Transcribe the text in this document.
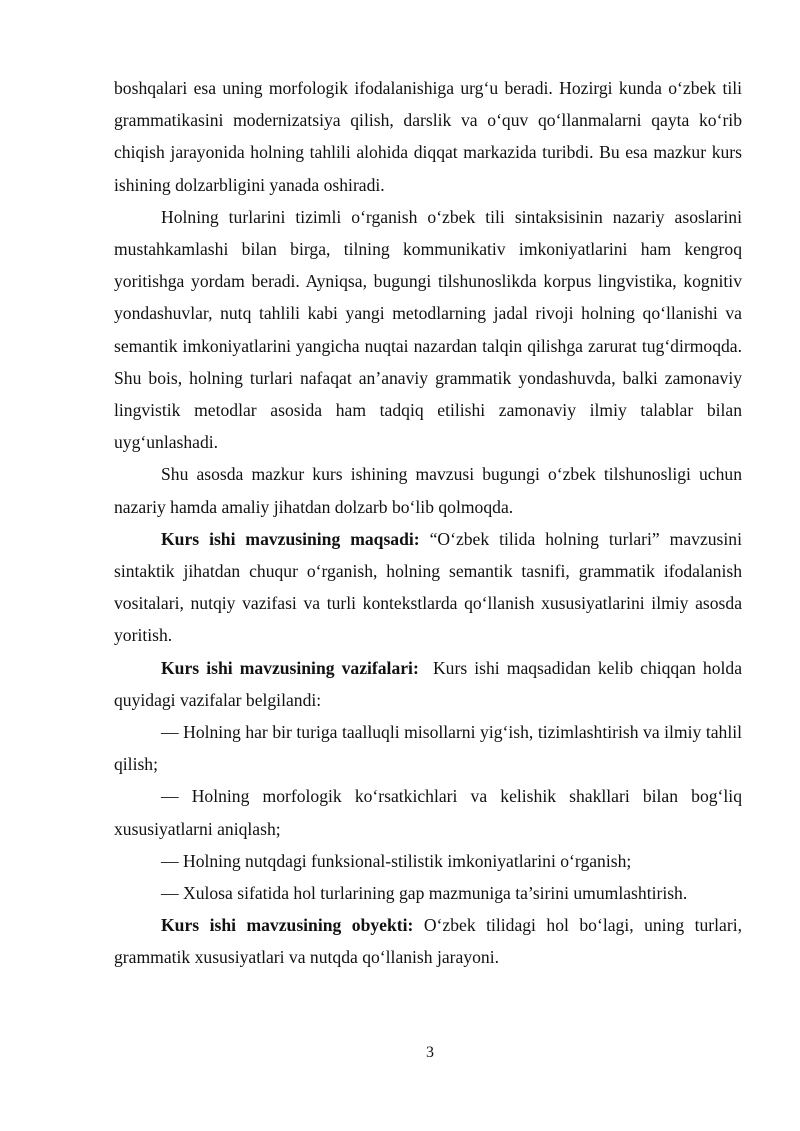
boshqalari esa uning morfologik ifodalanishiga urg‘u beradi. Hozirgi kunda o‘zbek tili grammatikasini modernizatsiya qilish, darslik va o‘quv qo‘llanmalarni qayta ko‘rib chiqish jarayonida holning tahlili alohida diqqat markazida turibdi. Bu esa mazkur kurs ishining dolzarbligini yanada oshiradi.

Holning turlarini tizimli o‘rganish o‘zbek tili sintaksisinin nazariy asoslarini mustahkamlashi bilan birga, tilning kommunikativ imkoniyatlarini ham kengroq yoritishga yordam beradi. Ayniqsa, bugungi tilshunoslikda korpus lingvistika, kognitiv yondashuvlar, nutq tahlili kabi yangi metodlarning jadal rivoji holning qo‘llanishi va semantik imkoniyatlarini yangicha nuqtai nazardan talqin qilishga zarurat tug‘dirmoqda. Shu bois, holning turlari nafaqat an’anaviy grammatik yondashuvda, balki zamonaviy lingvistik metodlar asosida ham tadqiq etilishi zamonaviy ilmiy talablar bilan uyg‘unlashadi.

Shu asosda mazkur kurs ishining mavzusi bugungi o‘zbek tilshunosligi uchun nazariy hamda amaliy jihatdan dolzarb bo‘lib qolmoqda.

Kurs ishi mavzusining maqsadi: “O‘zbek tilida holning turlari” mavzusini sintaktik jihatdan chuqur o‘rganish, holning semantik tasnifi, grammatik ifodalanish vositalari, nutqiy vazifasi va turli kontekstlarda qo‘llanish xususiyatlarini ilmiy asosda yoritish.

Kurs ishi mavzusining vazifalari:  Kurs ishi maqsadidan kelib chiqqan holda quyidagi vazifalar belgilandi:

— Holning har bir turiga taalluqli misollarni yig‘ish, tizimlashtirish va ilmiy tahlil qilish;

— Holning morfologik ko‘rsatkichlari va kelishik shakllari bilan bog‘liq xususiyatlarni aniqlash;

— Holning nutqdagi funksional-stilistik imkoniyatlarini o‘rganish;

— Xulosa sifatida hol turlarining gap mazmuniga ta’sirini umumlashtirish.

Kurs ishi mavzusining obyekti: O‘zbek tilidagi hol bo‘lagi, uning turlari, grammatik xususiyatlari va nutqda qo‘llanish jarayoni.

3
